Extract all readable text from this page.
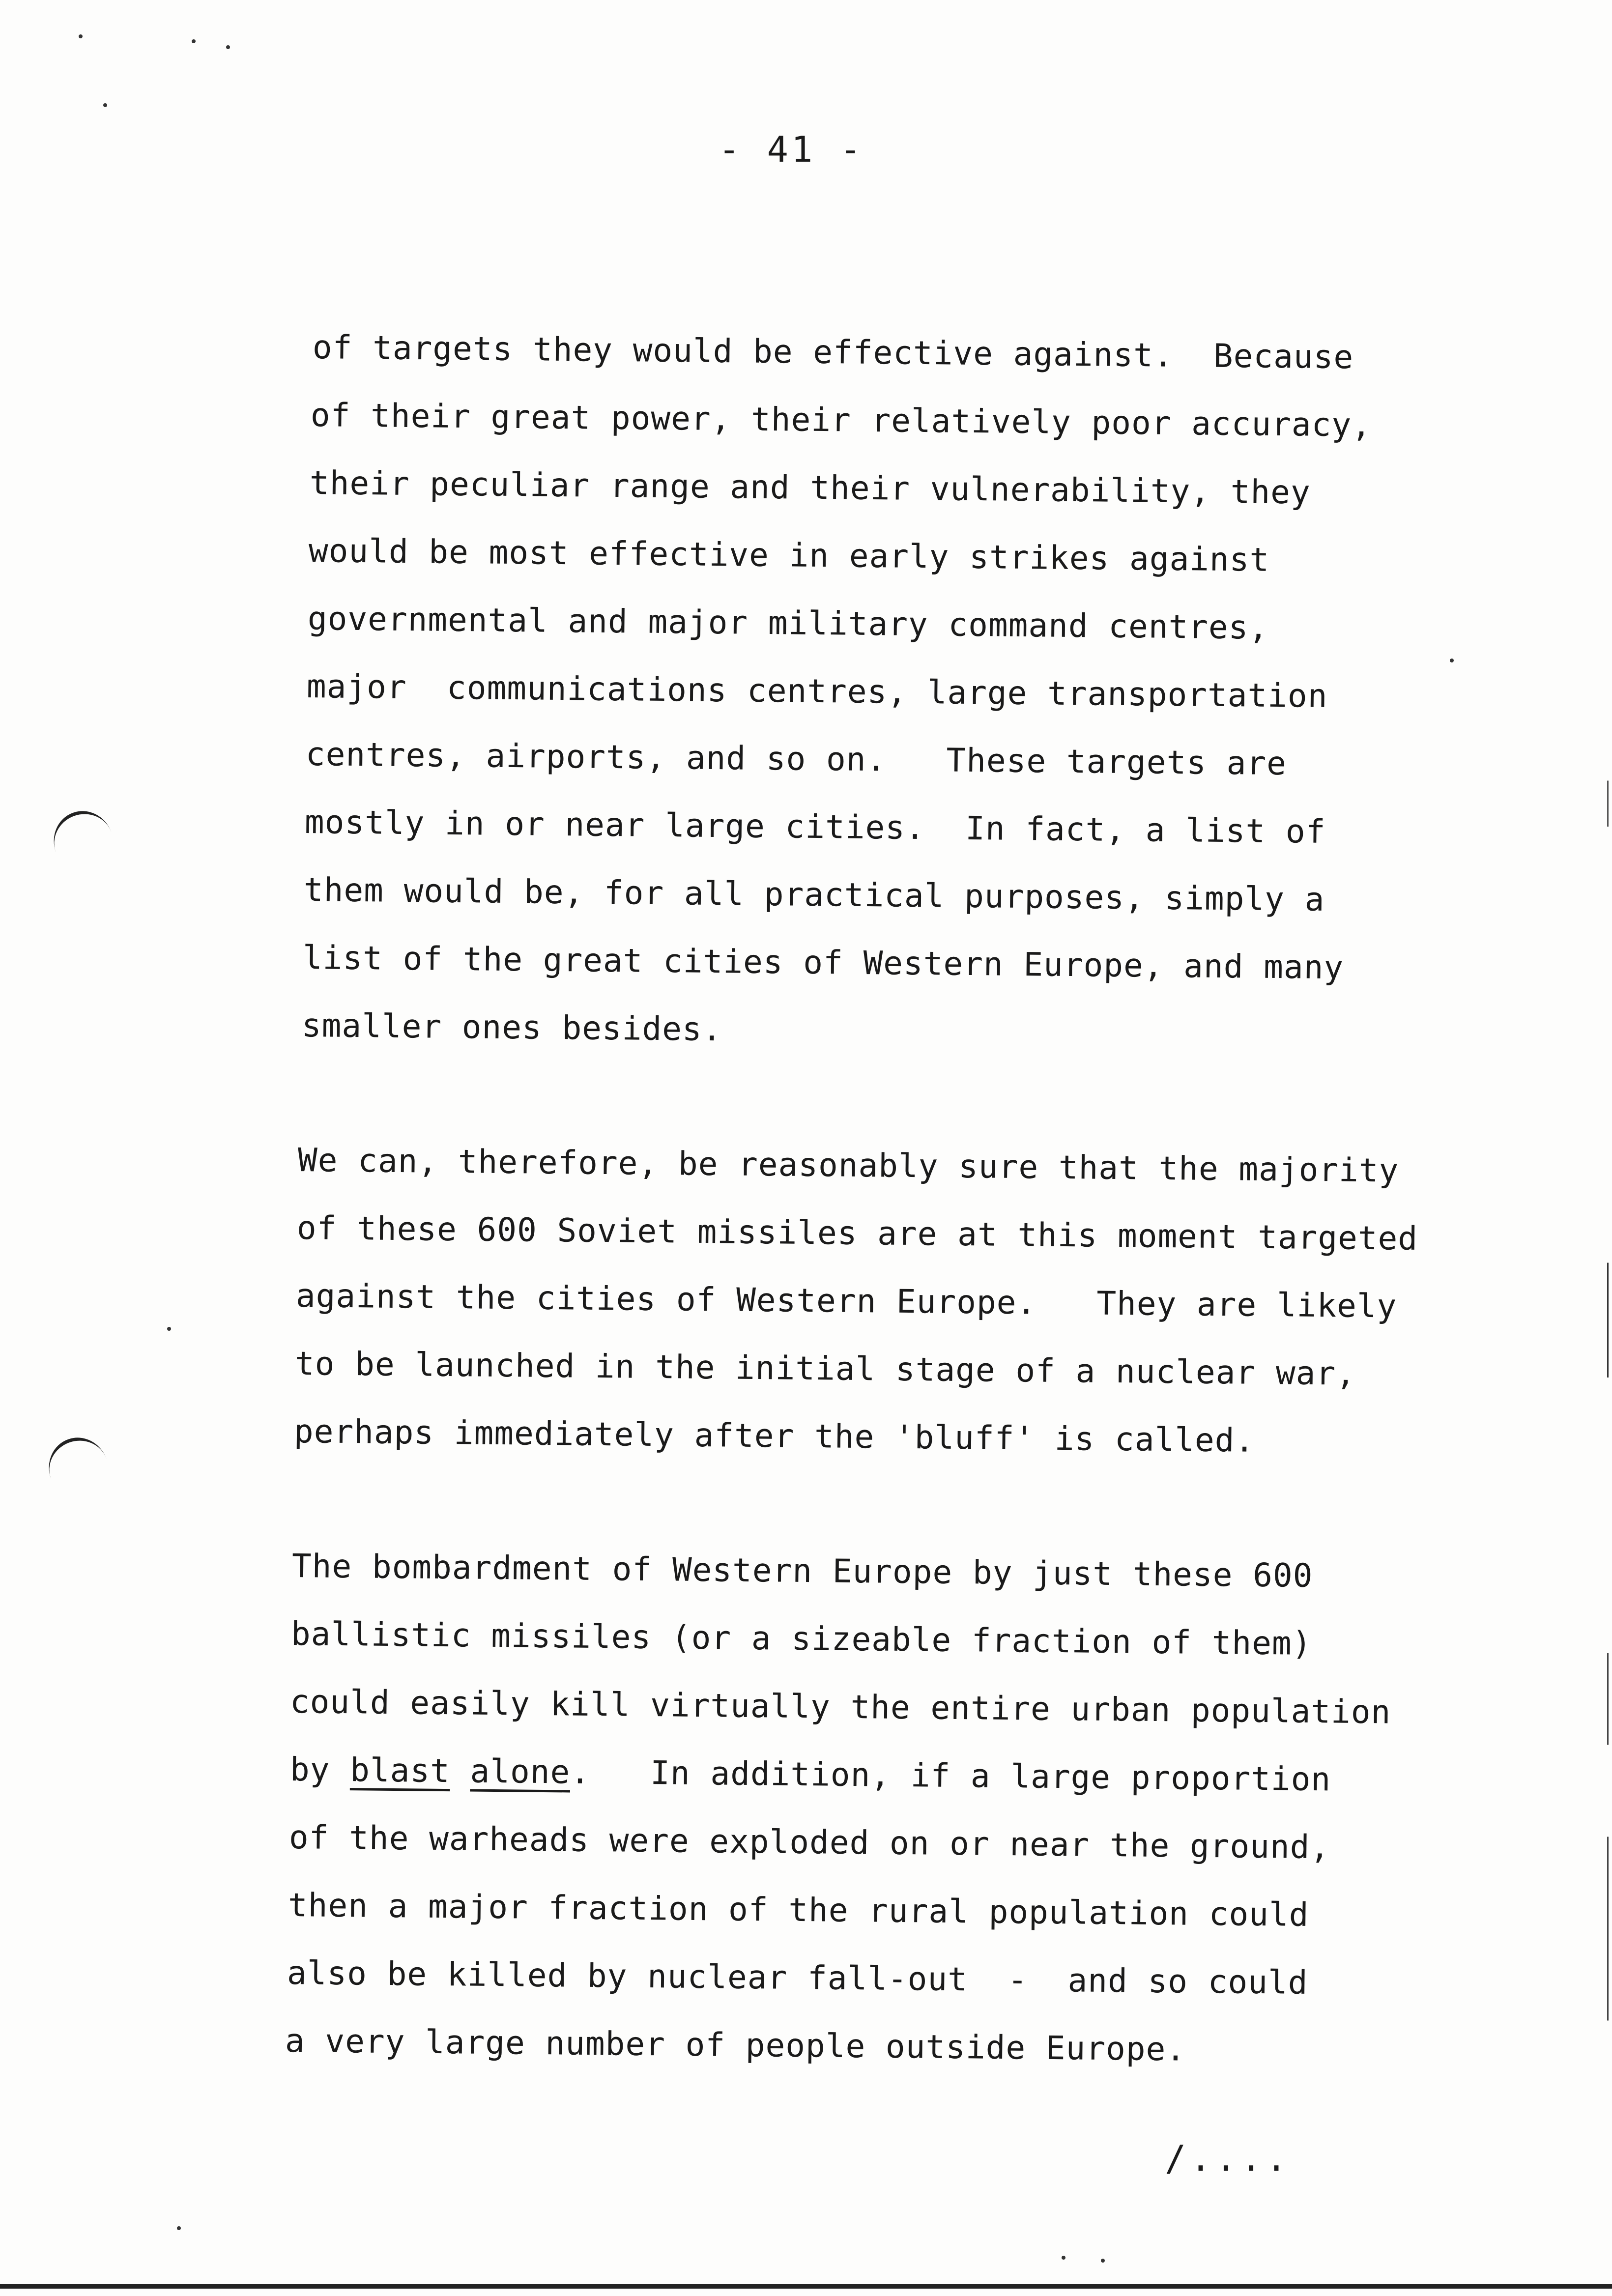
- 41 -
of targets they would be effective against.  Because
of their great power, their relatively poor accuracy,
their peculiar range and their vulnerability, they
would be most effective in early strikes against
governmental and major military command centres,
major  communications centres, large transportation
centres, airports, and so on.   These targets are
mostly in or near large cities.  In fact, a list of
them would be, for all practical purposes, simply a
list of the great cities of Western Europe, and many
smaller ones besides.
We can, therefore, be reasonably sure that the majority
of these 600 Soviet missiles are at this moment targeted
against the cities of Western Europe.   They are likely
to be launched in the initial stage of a nuclear war,
perhaps immediately after the 'bluff' is called.
The bombardment of Western Europe by just these 600
ballistic missiles (or a sizeable fraction of them)
could easily kill virtually the entire urban population
by blast alone.   In addition, if a large proportion
of the warheads were exploded on or near the ground,
then a major fraction of the rural population could
also be killed by nuclear fall-out  -  and so could
a very large number of people outside Europe.
/....
